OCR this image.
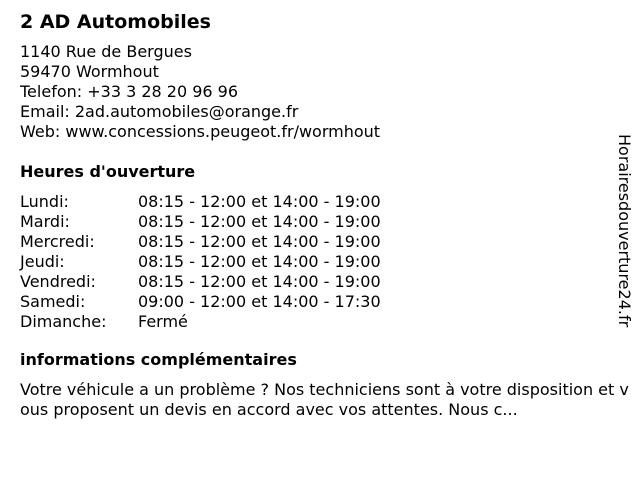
2 AD Automobiles
1140 Rue de Bergues
59470 Wormhout
Telefon: +33 3 28 20 96 96
Email: 2ad.automobiles@orange.fr
Web: www.concessions.peugeot.fr/wormhout
Heures d'ouverture
Lundi:	08:15 - 12:00 et 14:00 - 19:00
Mardi:	08:15 - 12:00 et 14:00 - 19:00
Mercredi:	08:15 - 12:00 et 14:00 - 19:00
Jeudi:	08:15 - 12:00 et 14:00 - 19:00
Vendredi:	08:15 - 12:00 et 14:00 - 19:00
Samedi:	09:00 - 12:00 et 14:00 - 17:30
Dimanche:	Fermé
informations complémentaires
Votre véhicule a un problème ? Nos techniciens sont à votre disposition et vous proposent un devis en accord avec vos attentes. Nous c...
Horairesdouverture24.fr
